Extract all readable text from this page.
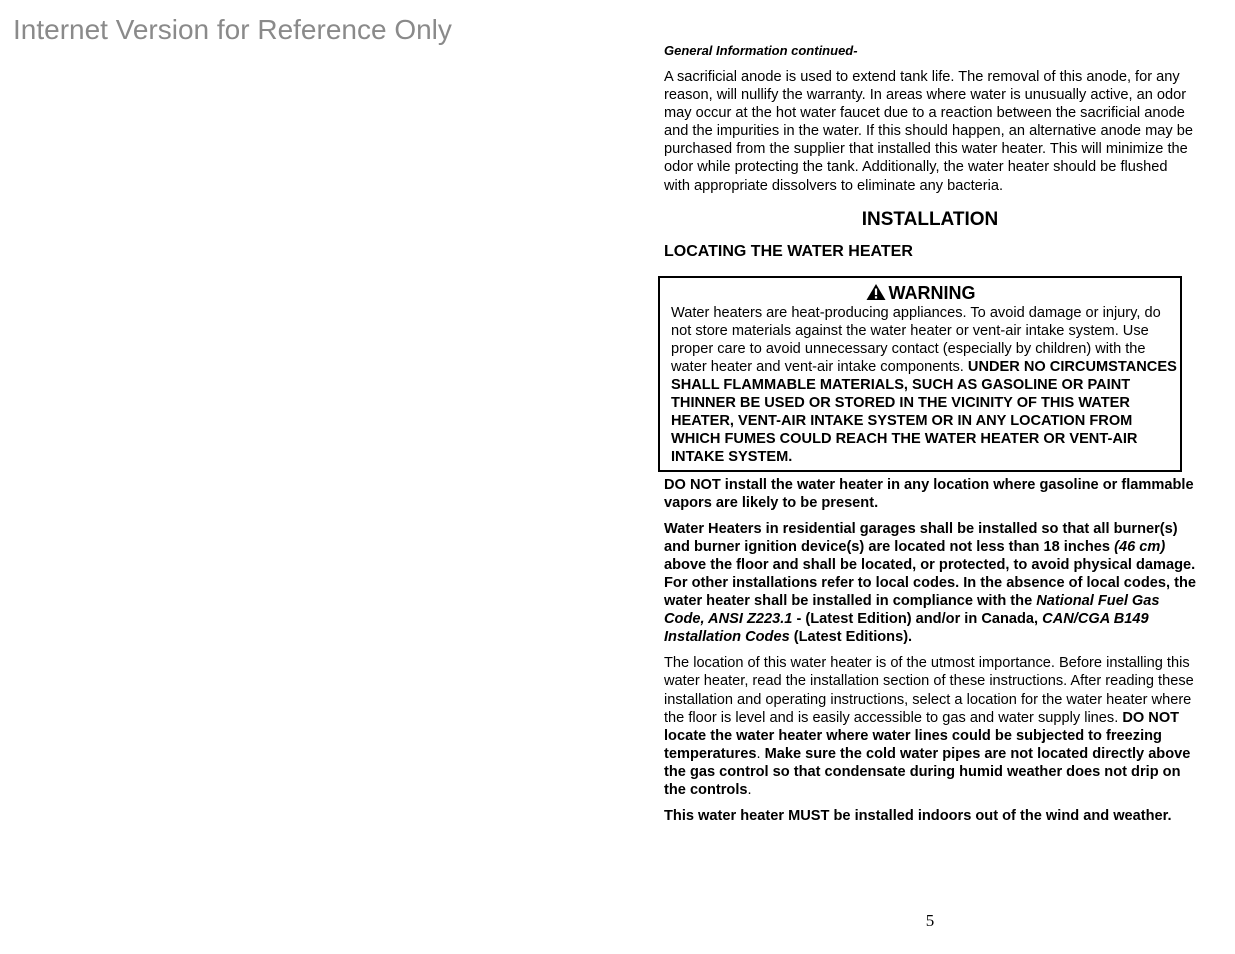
Internet Version for Reference Only

General Information continued-

A sacrificial anode is used to extend tank life. The removal of this anode, for any reason, will nullify the warranty. In areas where water is unusually active, an odor may occur at the hot water faucet due to a reaction between the sacrificial anode and the impurities in the water. If this should happen, an alternative anode may be purchased from the supplier that installed this water heater. This will minimize the odor while protecting the tank. Additionally, the water heater should be flushed with appropriate dissolvers to eliminate any bacteria.

INSTALLATION

LOCATING THE WATER HEATER

WARNING

Water heaters are heat-producing appliances. To avoid damage or injury, do not store materials against the water heater or vent-air intake system. Use proper care to avoid unnecessary contact (especially by children) with the water heater and vent-air intake components. UNDER NO CIRCUMSTANCES SHALL FLAMMABLE MATERIALS, SUCH AS GASOLINE OR PAINT THINNER BE USED OR STORED IN THE VICINITY OF THIS WATER HEATER, VENT-AIR INTAKE SYSTEM OR IN ANY LOCATION FROM WHICH FUMES COULD REACH THE WATER HEATER OR VENT-AIR INTAKE SYSTEM.

DO NOT install the water heater in any location where gasoline or flammable vapors are likely to be present.

Water Heaters in residential garages shall be installed so that all burner(s) and burner ignition device(s) are located not less than 18 inches (46 cm) above the floor and shall be located, or protected, to avoid physical damage. For other installations refer to local codes. In the absence of local codes, the water heater shall be installed in compliance with the National Fuel Gas Code, ANSI Z223.1 - (Latest Edition) and/or in Canada, CAN/CGA B149 Installation Codes (Latest Editions).

The location of this water heater is of the utmost importance. Before installing this water heater, read the installation section of these instructions. After reading these installation and operating instructions, select a location for the water heater where the floor is level and is easily accessible to gas and water supply lines. DO NOT locate the water heater where water lines could be subjected to freezing temperatures. Make sure the cold water pipes are not located directly above the gas control so that condensate during humid weather does not drip on the controls.

This water heater MUST be installed indoors out of the wind and weather.

5
